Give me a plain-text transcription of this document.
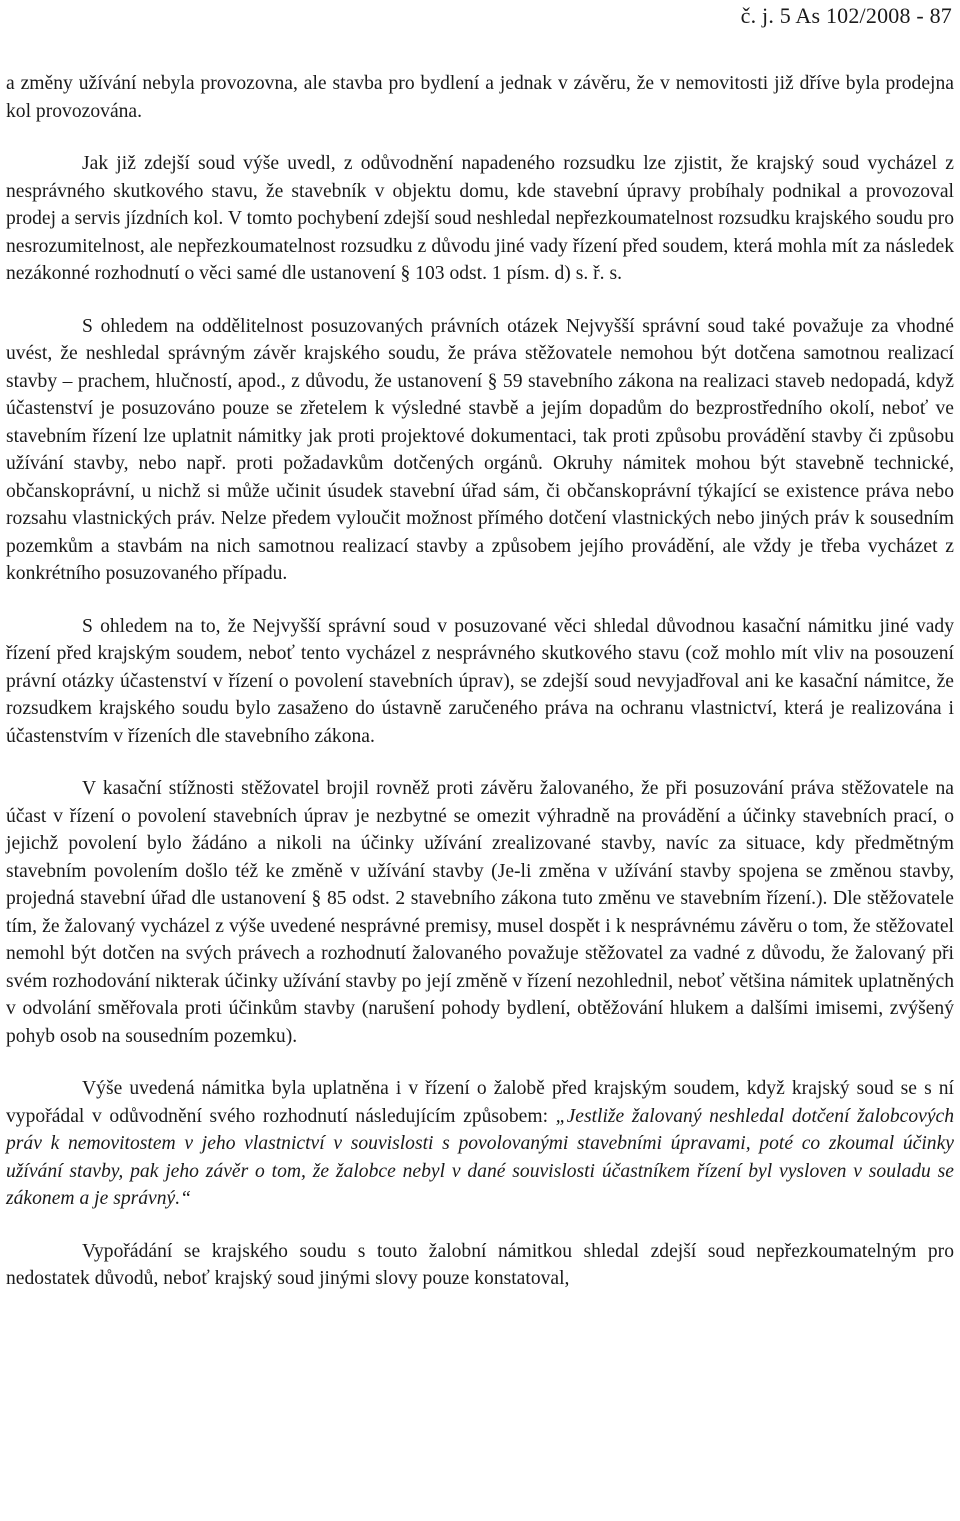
č. j. 5 As 102/2008 - 87

a změny užívání nebyla provozovna, ale stavba pro bydlení a jednak v závěru, že v nemovitosti již dříve byla prodejna kol provozována.

Jak již zdejší soud výše uvedl, z odůvodnění napadeného rozsudku lze zjistit, že krajský soud vycházel z nesprávného skutkového stavu, že stavebník v objektu domu, kde stavební úpravy probíhaly podnikal a provozoval prodej a servis jízdních kol. V tomto pochybení zdejší soud neshledal nepřezkoumatelnost rozsudku krajského soudu pro nesrozumitelnost, ale nepřezkoumatelnost rozsudku z důvodu jiné vady řízení před soudem, která mohla mít za následek nezákonné rozhodnutí o věci samé dle ustanovení § 103 odst. 1 písm. d) s. ř. s.

S ohledem na oddělitelnost posuzovaných právních otázek Nejvyšší správní soud také považuje za vhodné uvést, že neshledal správným závěr krajského soudu, že práva stěžovatele nemohou být dotčena samotnou realizací stavby – prachem, hlučností, apod., z důvodu, že ustanovení § 59 stavebního zákona na realizaci staveb nedopadá, když účastenství je posuzováno pouze se zřetelem k výsledné stavbě a jejím dopadům do bezprostředního okolí, neboť ve stavebním řízení lze uplatnit námitky jak proti projektové dokumentaci, tak proti způsobu provádění stavby či způsobu užívání stavby, nebo např. proti požadavkům dotčených orgánů. Okruhy námitek mohou být stavebně technické, občanskoprávní, u nichž si může učinit úsudek stavební úřad sám, či občanskoprávní týkající se existence práva nebo rozsahu vlastnických práv. Nelze předem vyloučit možnost přímého dotčení vlastnických nebo jiných práv k sousedním pozemkům a stavbám na nich samotnou realizací stavby a způsobem jejího provádění, ale vždy je třeba vycházet z konkrétního posuzovaného případu.

S ohledem na to, že Nejvyšší správní soud v posuzované věci shledal důvodnou kasační námitku jiné vady řízení před krajským soudem, neboť tento vycházel z nesprávného skutkového stavu (což mohlo mít vliv na posouzení právní otázky účastenství v řízení o povolení stavebních úprav), se zdejší soud nevyjadřoval ani ke kasační námitce, že rozsudkem krajského soudu bylo zasaženo do ústavně zaručeného práva na ochranu vlastnictví, která je realizována i účastenstvím v řízeních dle stavebního zákona.

V kasační stížnosti stěžovatel brojil rovněž proti závěru žalovaného, že při posuzování práva stěžovatele na účast v řízení o povolení stavebních úprav je nezbytné se omezit výhradně na provádění a účinky stavebních prací, o jejichž povolení bylo žádáno a nikoli na účinky užívání zrealizované stavby, navíc za situace, kdy předmětným stavebním povolením došlo též ke změně v užívání stavby (Je-li změna v užívání stavby spojena se změnou stavby, projedná stavební úřad dle ustanovení § 85 odst. 2 stavebního zákona tuto změnu ve stavebním řízení.). Dle stěžovatele tím, že žalovaný vycházel z výše uvedené nesprávné premisy, musel dospět i k nesprávnému závěru o tom, že stěžovatel nemohl být dotčen na svých právech a rozhodnutí žalovaného považuje stěžovatel za vadné z důvodu, že žalovaný při svém rozhodování nikterak účinky užívání stavby po její změně v řízení nezohlednil, neboť většina námitek uplatněných v odvolání směřovala proti účinkům stavby (narušení pohody bydlení, obtěžování hlukem a dalšími imisemi, zvýšený pohyb osob na sousedním pozemku).

Výše uvedená námitka byla uplatněna i v řízení o žalobě před krajským soudem, když krajský soud se s ní vypořádal v odůvodnění svého rozhodnutí následujícím způsobem: „Jestliže žalovaný neshledal dotčení žalobcových práv k nemovitostem v jeho vlastnictví v souvislosti s povolovanými stavebními úpravami, poté co zkoumal účinky užívání stavby, pak jeho závěr o tom, že žalobce nebyl v dané souvislosti účastníkem řízení byl vysloven v souladu se zákonem a je správný.“

Vypořádání se krajského soudu s touto žalobní námitkou shledal zdejší soud nepřezkoumatelným pro nedostatek důvodů, neboť krajský soud jinými slovy pouze konstatoval,
